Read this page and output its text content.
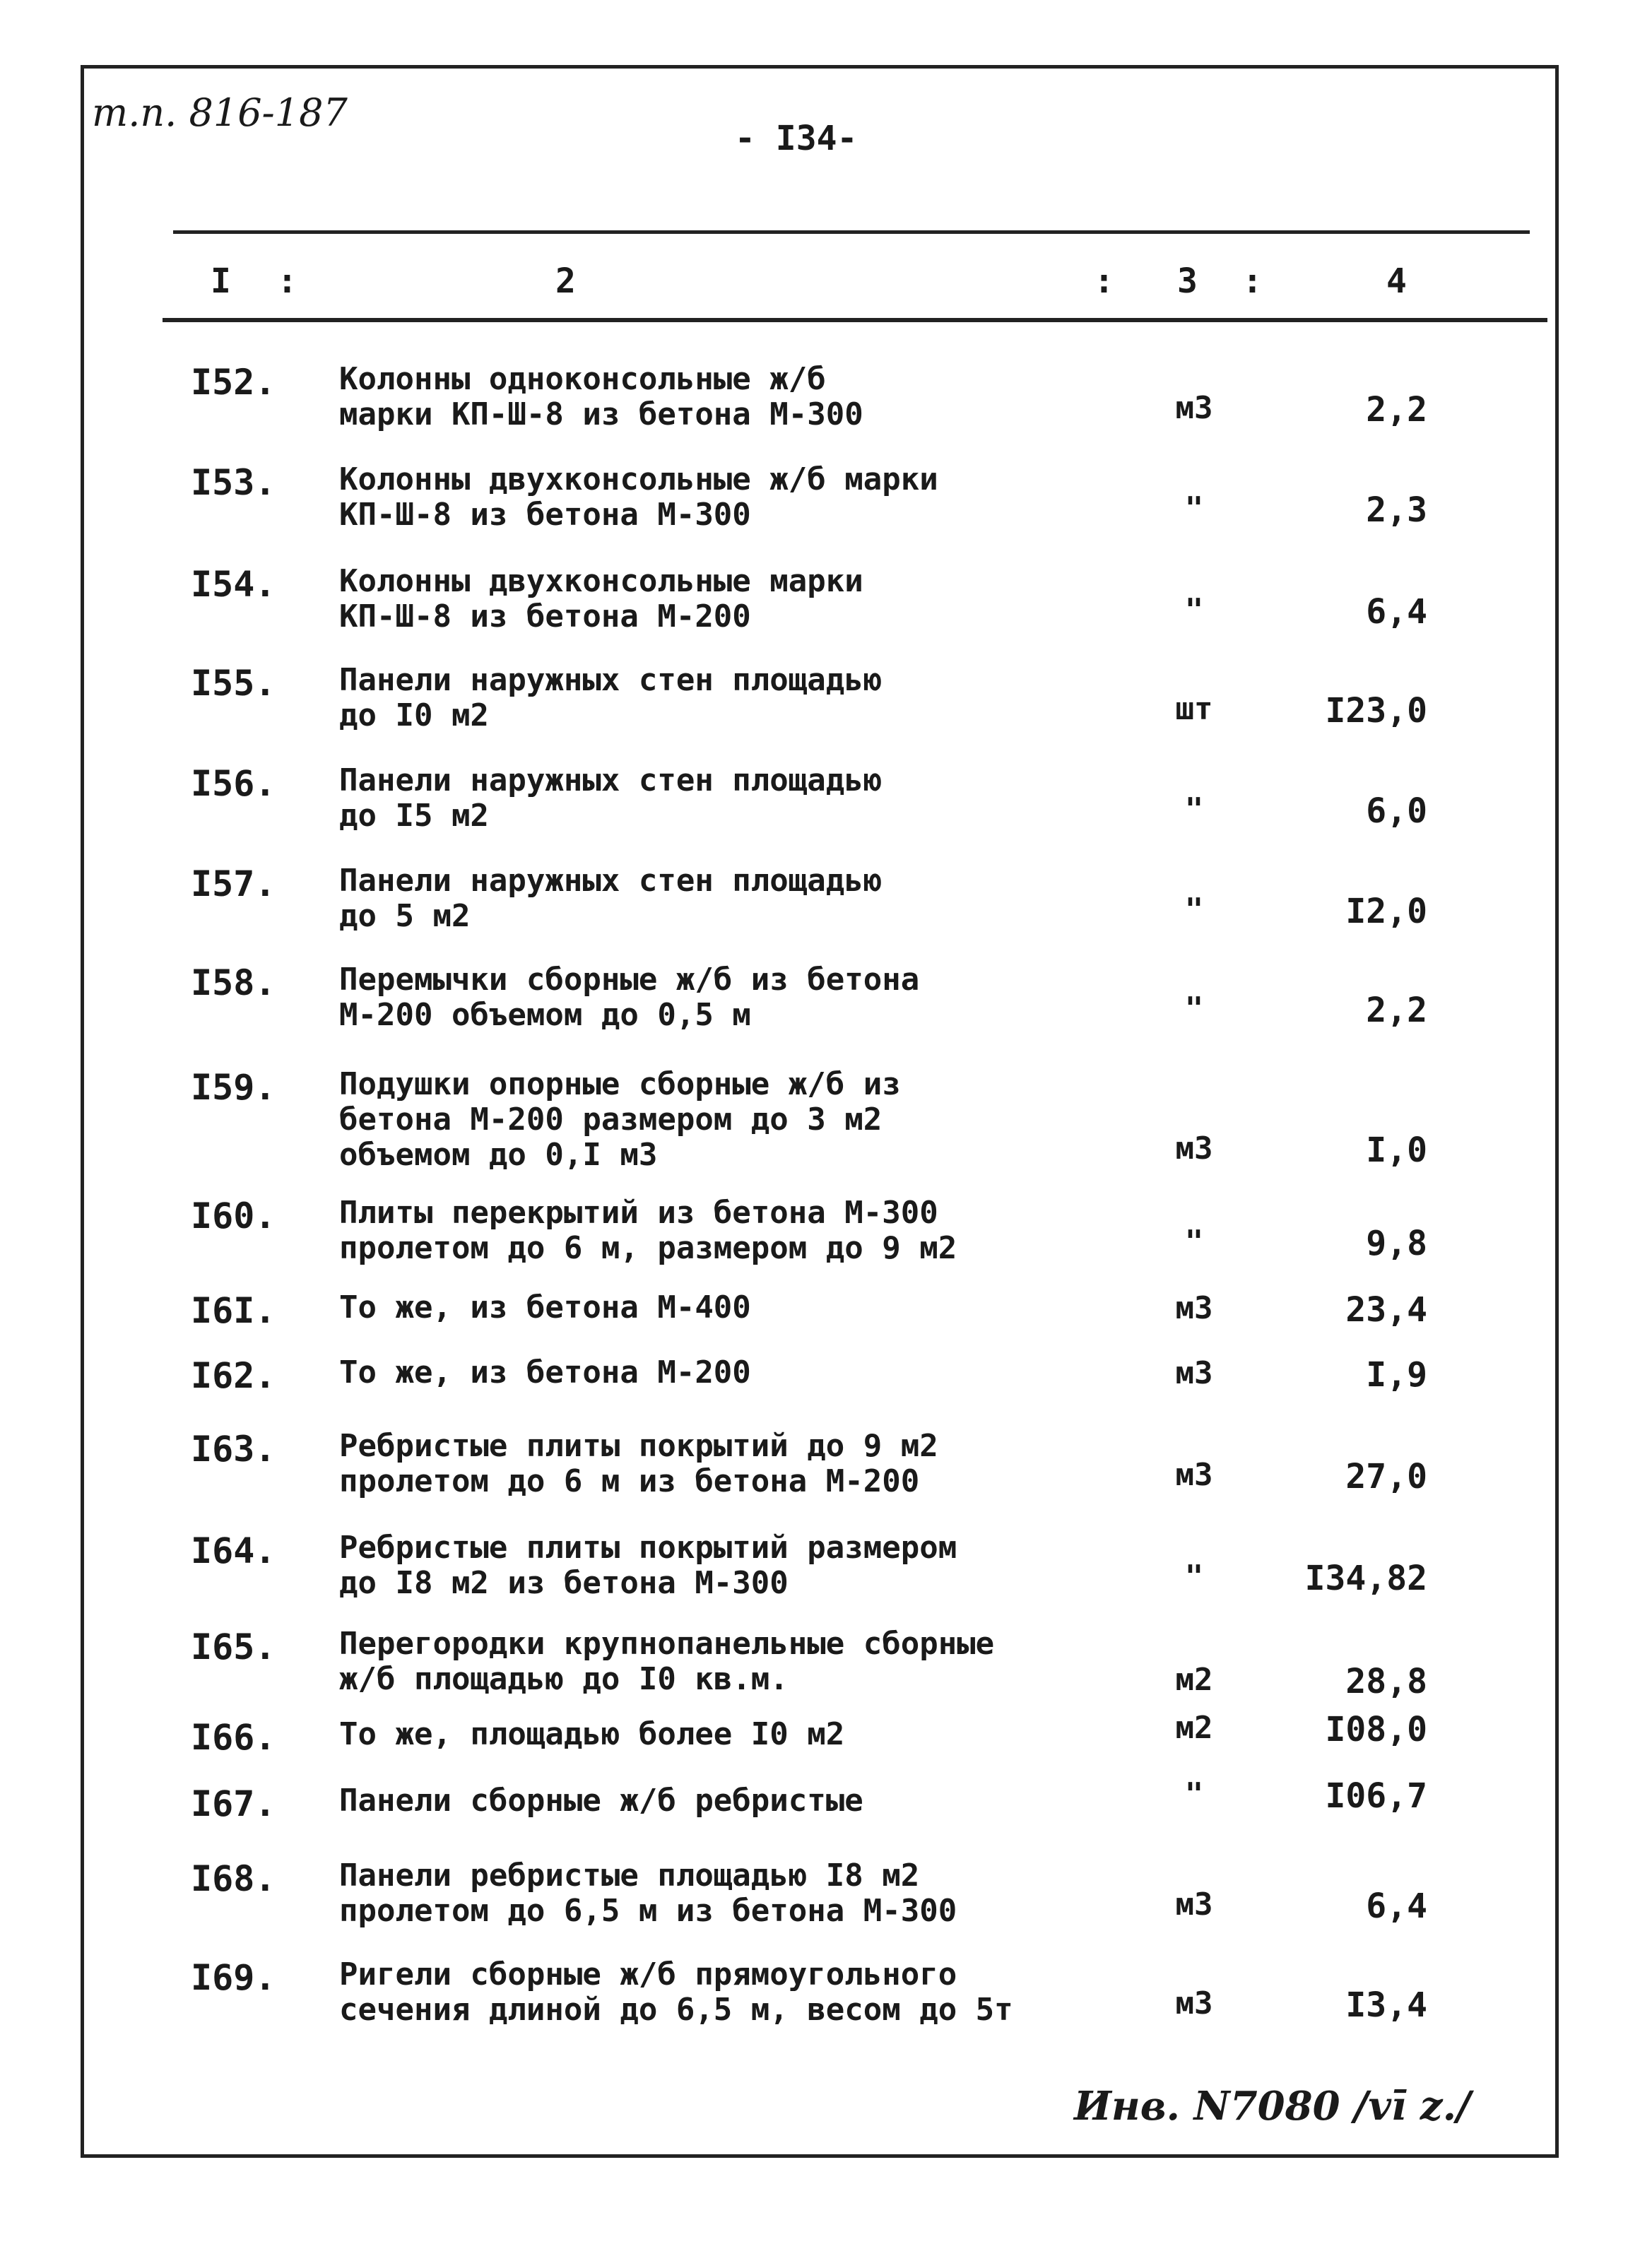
т.п. 816-187
- I34-
I :	2	: 3 :	4
I52. Колонны одноконсольные ж/б
марки КП-Ш-8 из бетона М-300	м3	2,2
I53. Колонны двухконсольные ж/б марки
КП-Ш-8 из бетона М-300	"	2,3
I54. Колонны двухконсольные марки
КП-Ш-8 из бетона М-200	"	6,4
I55. Панели наружных стен площадью
до I0 м2	шт	I23,0
I56. Панели наружных стен площадью
до I5 м2	"	6,0
I57. Панели наружных стен площадью
до 5 м2	"	I2,0
I58. Перемычки сборные ж/б из бетона
М-200 объемом до 0,5 м	"	2,2
I59. Подушки опорные сборные ж/б из
бетона М-200 размером до 3 м2
объемом до 0,I м3	м3	I,0
I60. Плиты перекрытий из бетона М-300
пролетом до 6 м, размером до 9 м2	"	9,8
I6I. То же, из бетона М-400	м3	23,4
I62. То же, из бетона М-200	м3	I,9
I63. Ребристые плиты покрытий до 9 м2
пролетом до 6 м из бетона М-200	м3	27,0
I64. Ребристые плиты покрытий размером
до I8 м2 из бетона М-300	"	I34,82
I65. Перегородки крупнопанельные сборные
ж/б площадью до I0 кв.м.	м2	28,8
I66. То же, площадью более I0 м2	м2	I08,0
I67. Панели сборные ж/б ребристые	"	I06,7
I68. Панели ребристые площадью I8 м2
пролетом до 6,5 м из бетона М-300	м3	6,4
I69. Ригели сборные ж/б прямоугольного
сечения длиной до 6,5 м, весом до 5т	м3	I3,4
Инв. N7080 /vī z./
